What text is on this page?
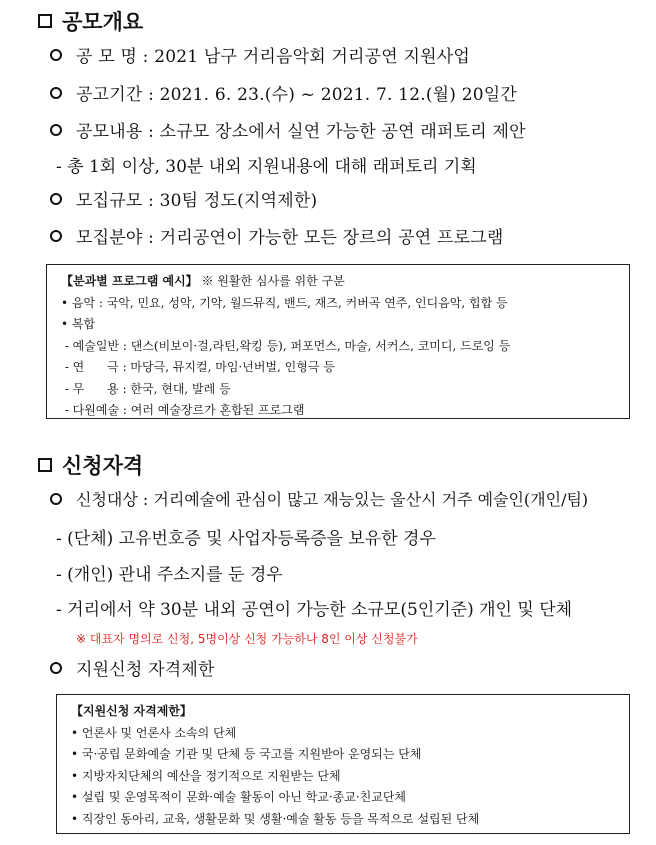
공모개요
공 모 명 : 2021 남구 거리음악회 거리공연 지원사업
공고기간 : 2021. 6. 23.(수) ~ 2021. 7. 12.(월) 20일간
공모내용 : 소규모 장소에서 실연 가능한 공연 래퍼토리 제안
- 총 1회 이상, 30분 내외 지원내용에 대해 래퍼토리 기획
모집규모 : 30팀 정도(지역제한)
모집분야 : 거리공연이 가능한 모든 장르의 공연 프로그램
【분과별 프로그램 예시】 ※ 원활한 심사를 위한 구분
• 음악 : 국악, 민요, 성악, 기악, 월드뮤직, 밴드, 재즈, 커버곡 연주, 인디음악, 힙합 등
• 복합
- 예술일반 : 댄스(비보이·걸,라틴,왁킹 등), 퍼포먼스, 마술, 서커스, 코미디, 드로잉 등
- 연      극 : 마당극, 뮤지컬, 마임·넌버벌, 인형극 등
- 무      용 : 한국, 현대, 발레 등
- 다원예술 : 여러 예술장르가 혼합된 프로그램
신청자격
신청대상 : 거리예술에 관심이 많고 재능있는 울산시 거주 예술인(개인/팀)
- (단체) 고유번호증 및 사업자등록증을 보유한 경우
- (개인) 관내 주소지를 둔 경우
- 거리에서 약 30분 내외 공연이 가능한 소규모(5인기준) 개인 및 단체
※ 대표자 명의로 신청, 5명이상 신청 가능하나 8인 이상 신청불가
지원신청 자격제한
【지원신청 자격제한】
• 언론사 및 언론사 소속의 단체
• 국·공립 문화예술 기관 및 단체 등 국고를 지원받아 운영되는 단체
• 지방자치단체의 예산을 정기적으로 지원받는 단체
• 설립 및 운영목적이 문화·예술 활동이 아닌 학교·종교·친교단체
• 직장인 동아리, 교육, 생활문화 및 생활·예술 활동 등을 목적으로 설립된 단체
